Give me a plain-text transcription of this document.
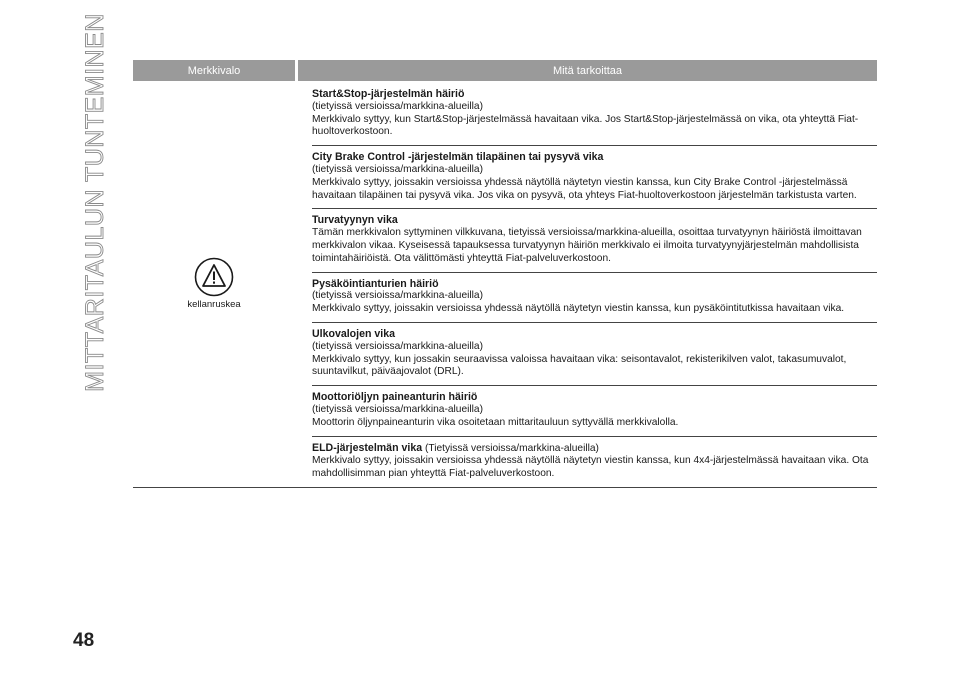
MITTARITAULUN TUNTEMINEN	Merkkivalo	Mitä tarkoittaa
kellanruskea

Start&Stop-järjestelmän häiriö

(tietyissä versioissa/markkina-alueilla)

Merkkivalo syttyy, kun Start&Stop-järjestelmässä havaitaan vika. Jos Start&Stop-järjestelmässä on vika, ota yhteyttä Fiat-huoltoverkostoon.

City Brake Control -järjestelmän tilapäinen tai pysyvä vika

(tietyissä versioissa/markkina-alueilla)

Merkkivalo syttyy, joissakin versioissa yhdessä näytöllä näytetyn viestin kanssa, kun City Brake Control -järjestelmässä havaitaan tilapäinen tai pysyvä vika. Jos vika on pysyvä, ota yhteys Fiat-huoltoverkostoon järjestelmän tarkistusta varten.

Turvatyynyn vika

Tämän merkkivalon syttyminen vilkkuvana, tietyissä versioissa/markkina-alueilla, osoittaa turvatyynyn häiriöstä ilmoittavan merkkivalon vikaa. Kyseisessä tapauksessa turvatyynyn häiriön merkkivalo ei ilmoita turvatyynyjärjestelmän mahdollisista toimintahäiriöistä. Ota välittömästi yhteyttä Fiat-palveluverkostoon.

Pysäköintianturien häiriö

(tietyissä versioissa/markkina-alueilla)

Merkkivalo syttyy, joissakin versioissa yhdessä näytöllä näytetyn viestin kanssa, kun pysäköintitutkissa havaitaan vika.

Ulkovalojen vika

(tietyissä versioissa/markkina-alueilla)

Merkkivalo syttyy, kun jossakin seuraavissa valoissa havaitaan vika: seisontavalot, rekisterikilven valot, takasumuvalot, suuntavilkut, päiväajovalot (DRL).

Moottoriöljyn paineanturin häiriö

(tietyissä versioissa/markkina-alueilla)

Moottorin öljynpaineanturin vika osoitetaan mittaritauluun syttyvällä merkkivalolla.

ELD-järjestelmän vika (Tietyissä versioissa/markkina-alueilla)

Merkkivalo syttyy, joissakin versioissa yhdessä näytöllä näytetyn viestin kanssa, kun 4x4-järjestelmässä havaitaan vika. Ota mahdollisimman pian yhteyttä Fiat-palveluverkostoon.

48
